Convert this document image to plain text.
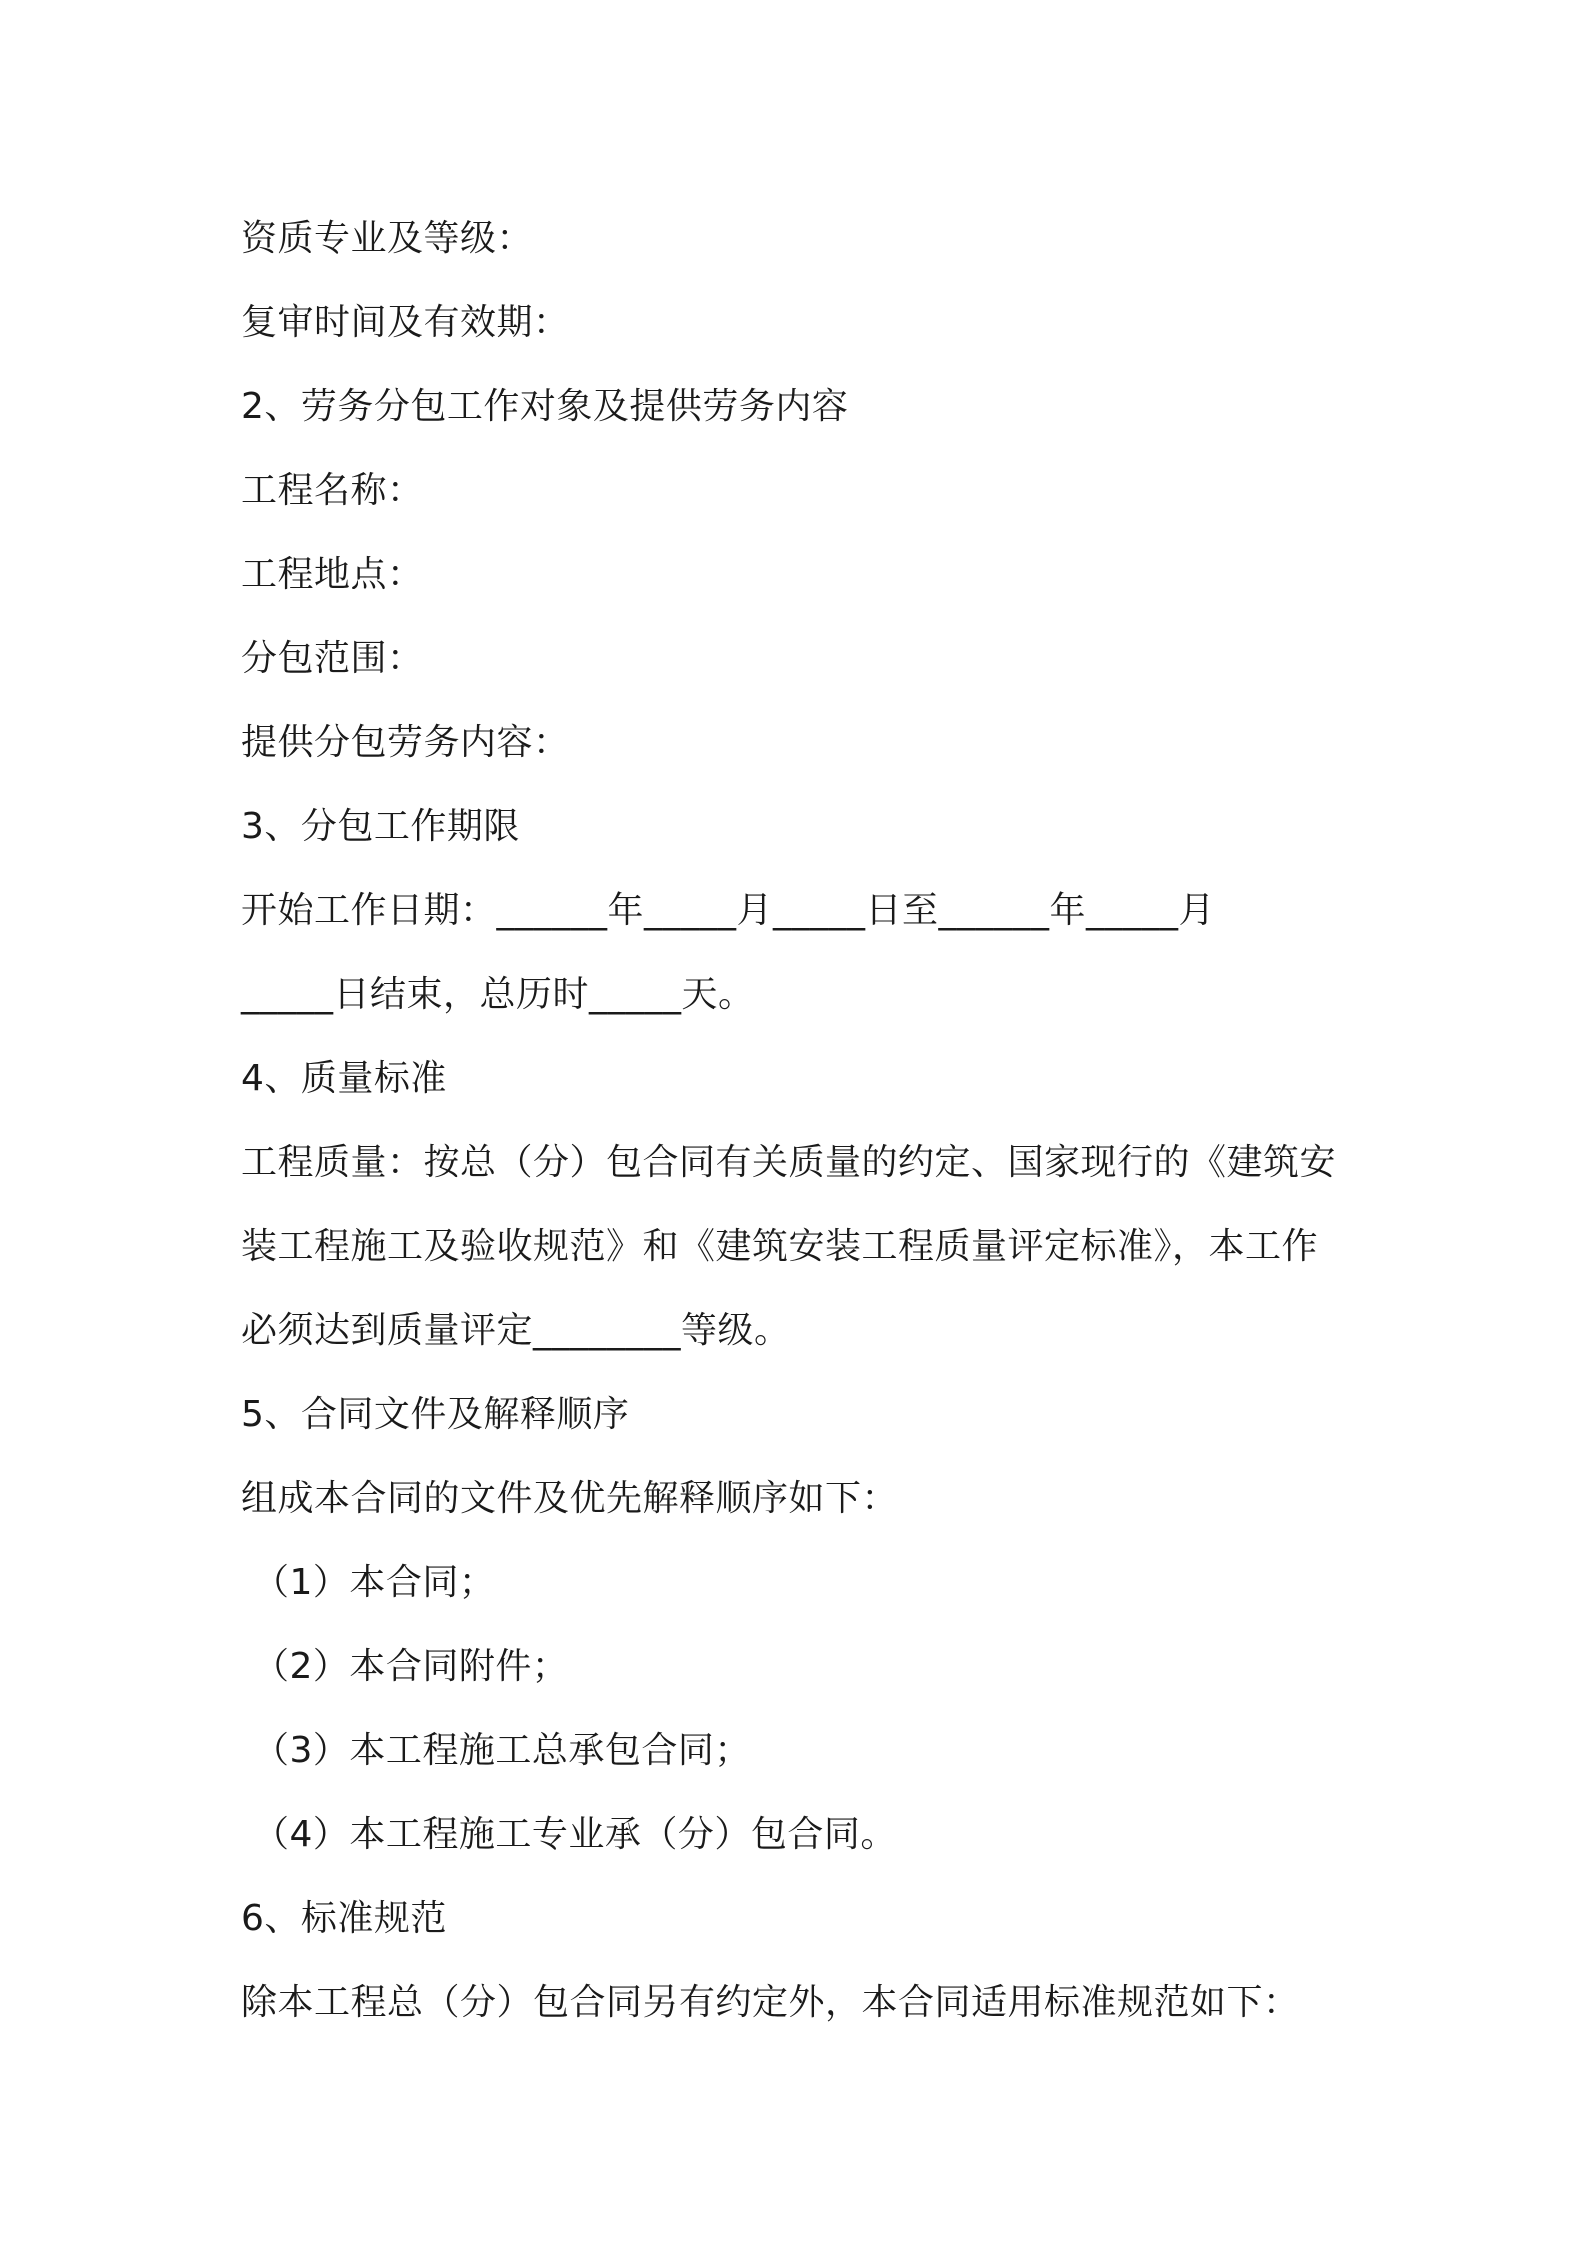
资质专业及等级：
复审时间及有效期：
2、劳务分包工作对象及提供劳务内容
工程名称：
工程地点：
分包范围：
提供分包劳务内容：
3、分包工作期限
开始工作日期：______年_____月_____日至______年_____月
_____日结束，总历时_____天。
4、质量标准
工程质量：按总（分）包合同有关质量的约定、国家现行的《建筑安
装工程施工及验收规范》和《建筑安装工程质量评定标准》，本工作
必须达到质量评定________等级。
5、合同文件及解释顺序
组成本合同的文件及优先解释顺序如下：
（1）本合同；
（2）本合同附件；
（3）本工程施工总承包合同；
（4）本工程施工专业承（分）包合同。
6、标准规范
除本工程总（分）包合同另有约定外，本合同适用标准规范如下：
